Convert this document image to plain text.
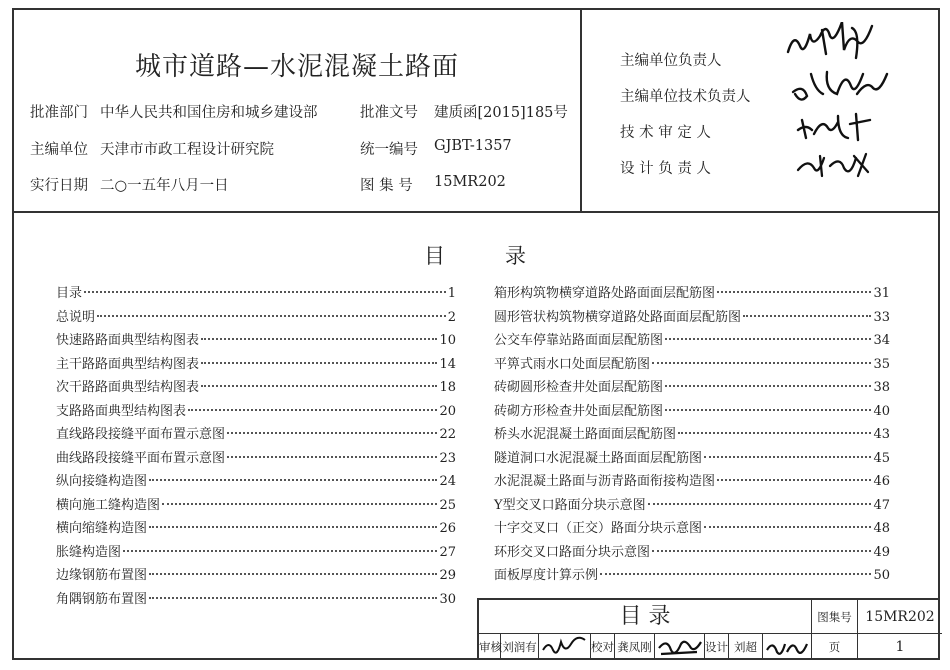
城市道路—水泥混凝土路面
批准部门 中华人民共和国住房和城乡建设部	批准文号 建质函[2015]185号
主编单位 天津市市政工程设计研究院	统一编号 GJBT-1357
实行日期 二○一五年八月一日	图 集 号 15MR202
主编单位负责人
主编单位技术负责人
技 术 审 定 人
设 计 负 责 人
目	录
目录	1
总说明	2
快速路路面典型结构图表	10
主干路路面典型结构图表	14
次干路路面典型结构图表	18
支路路面典型结构图表	20
直线路段接缝平面布置示意图	22
曲线路段接缝平面布置示意图	23
纵向接缝构造图	24
横向施工缝构造图	25
横向缩缝构造图	26
胀缝构造图	27
边缘钢筋布置图	29
角隅钢筋布置图	30
箱形构筑物横穿道路处路面面层配筋图	31
圆形管状构筑物横穿道路处路面面层配筋图	33
公交车停靠站路面面层配筋图	34
平箅式雨水口处面层配筋图	35
砖砌圆形检查井处面层配筋图	38
砖砌方形检查井处面层配筋图	40
桥头水泥混凝土路面面层配筋图	43
隧道洞口水泥混凝土路面面层配筋图	45
水泥混凝土路面与沥青路面衔接构造图	46
Y型交叉口路面分块示意图	47
十字交叉口（正交）路面分块示意图	48
环形交叉口路面分块示意图	49
面板厚度计算示例	50
目 录	图集号 15MR202
审核 刘润有	校对 龚凤刚	设计 刘超	页	1
